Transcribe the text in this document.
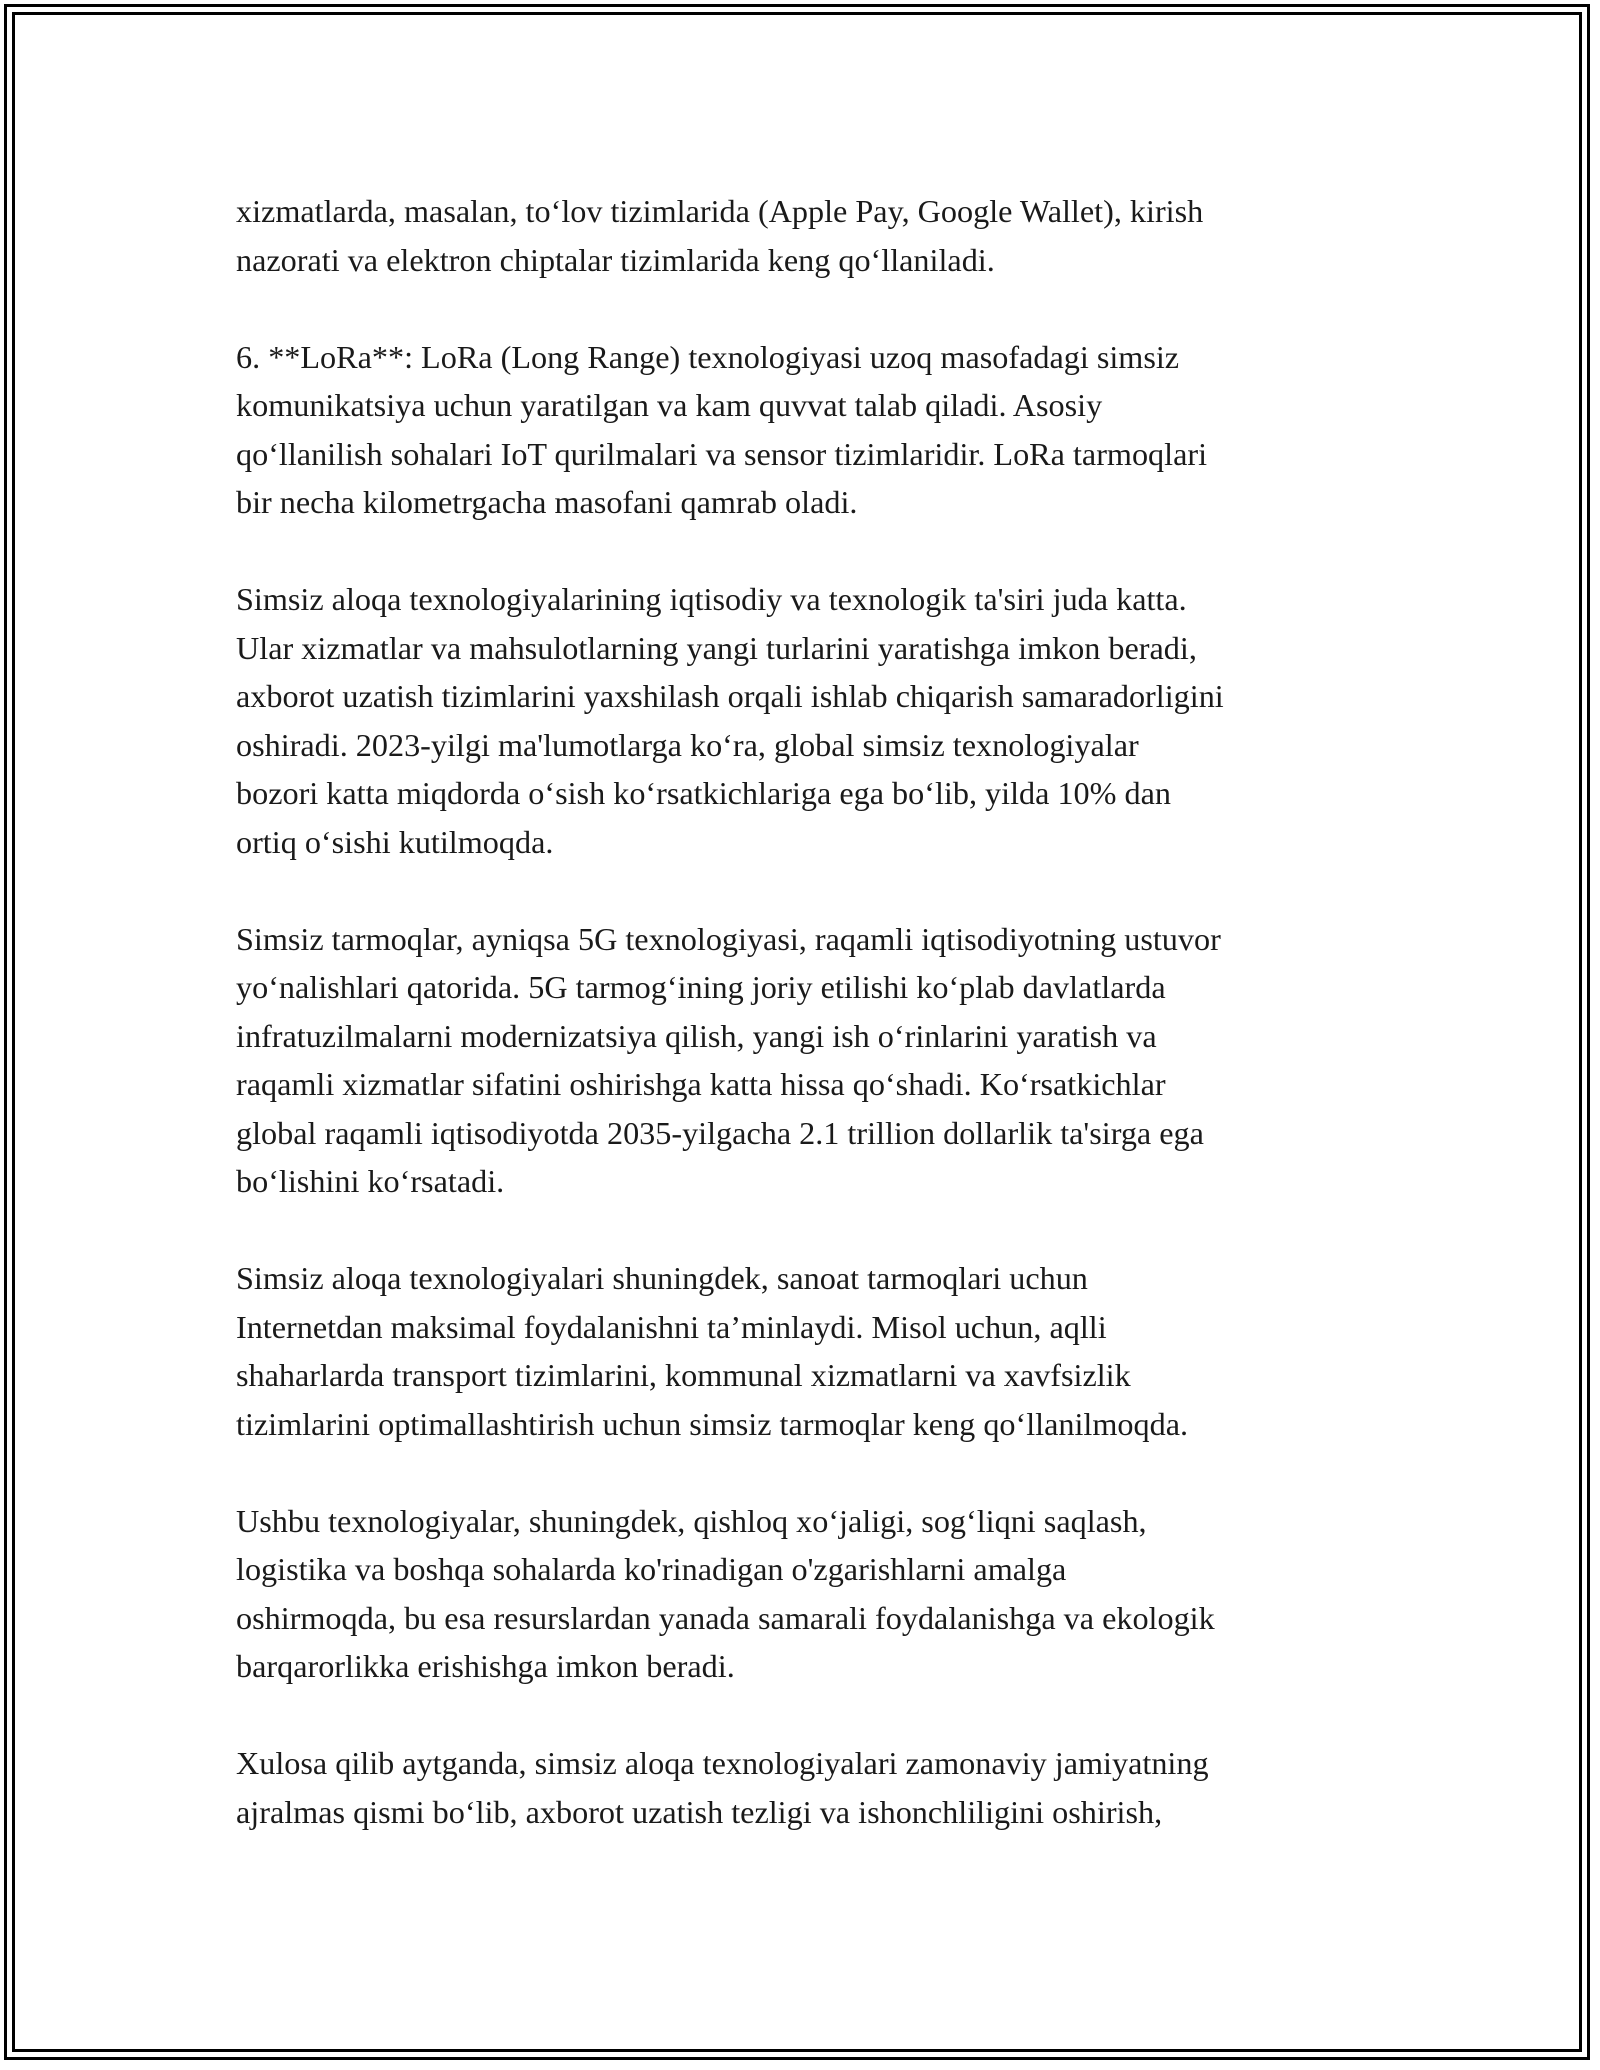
xizmatlarda, masalan, to‘lov tizimlarida (Apple Pay, Google Wallet), kirish
nazorati va elektron chiptalar tizimlarida keng qo‘llaniladi.

6. **LoRa**: LoRa (Long Range) texnologiyasi uzoq masofadagi simsiz
komunikatsiya uchun yaratilgan va kam quvvat talab qiladi. Asosiy
qo‘llanilish sohalari IoT qurilmalari va sensor tizimlaridir. LoRa tarmoqlari
bir necha kilometrgacha masofani qamrab oladi.

Simsiz aloqa texnologiyalarining iqtisodiy va texnologik ta'siri juda katta.
Ular xizmatlar va mahsulotlarning yangi turlarini yaratishga imkon beradi,
axborot uzatish tizimlarini yaxshilash orqali ishlab chiqarish samaradorligini
oshiradi. 2023-yilgi ma'lumotlarga ko‘ra, global simsiz texnologiyalar
bozori katta miqdorda o‘sish ko‘rsatkichlariga ega bo‘lib, yilda 10% dan
ortiq o‘sishi kutilmoqda.

Simsiz tarmoqlar, ayniqsa 5G texnologiyasi, raqamli iqtisodiyotning ustuvor
yo‘nalishlari qatorida. 5G tarmog‘ining joriy etilishi ko‘plab davlatlarda
infratuzilmalarni modernizatsiya qilish, yangi ish o‘rinlarini yaratish va
raqamli xizmatlar sifatini oshirishga katta hissa qo‘shadi. Ko‘rsatkichlar
global raqamli iqtisodiyotda 2035-yilgacha 2.1 trillion dollarlik ta'sirga ega
bo‘lishini ko‘rsatadi.

Simsiz aloqa texnologiyalari shuningdek, sanoat tarmoqlari uchun
Internetdan maksimal foydalanishni ta’minlaydi. Misol uchun, aqlli
shaharlarda transport tizimlarini, kommunal xizmatlarni va xavfsizlik
tizimlarini optimallashtirish uchun simsiz tarmoqlar keng qo‘llanilmoqda.

Ushbu texnologiyalar, shuningdek, qishloq xo‘jaligi, sog‘liqni saqlash,
logistika va boshqa sohalarda ko'rinadigan o'zgarishlarni amalga
oshirmoqda, bu esa resurslardan yanada samarali foydalanishga va ekologik
barqarorlikka erishishga imkon beradi.

Xulosa qilib aytganda, simsiz aloqa texnologiyalari zamonaviy jamiyatning
ajralmas qismi bo‘lib, axborot uzatish tezligi va ishonchliligini oshirish,
